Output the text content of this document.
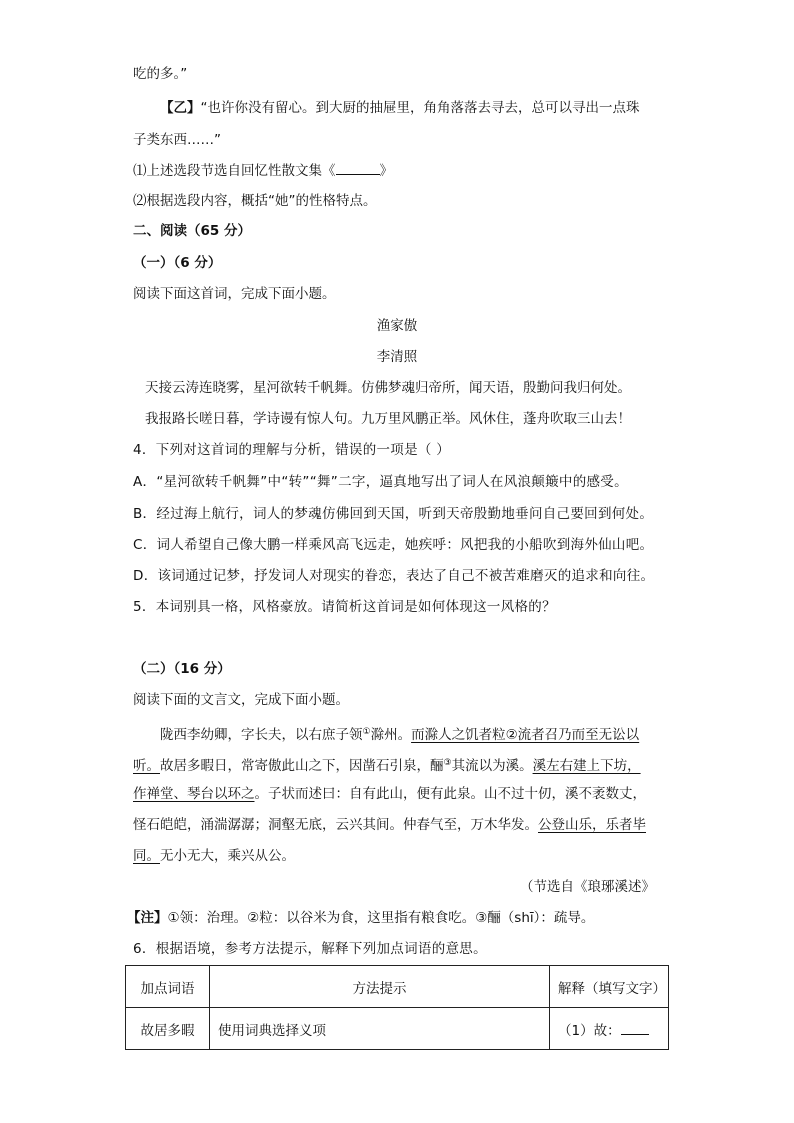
吃的多。”
【乙】“也许你没有留心。到大厨的抽屉里，角角落落去寻去，总可以寻出一点珠
子类东西……”
⑴上述选段节选自回忆性散文集《	》
⑵根据选段内容，概括“她”的性格特点。
二、阅读（65 分）
（一）（6 分）
阅读下面这首词，完成下面小题。
渔家傲
李清照
天接云涛连晓雾，星河欲转千帆舞。仿佛梦魂归帝所，闻天语，殷勤问我归何处。
我报路长嗟日暮，学诗谩有惊人句。九万里风鹏正举。风休住，蓬舟吹取三山去！
4．下列对这首词的理解与分析，错误的一项是（ ）
A．“星河欲转千帆舞”中“转”“舞”二字，逼真地写出了词人在风浪颠簸中的感受。
B．经过海上航行，词人的梦魂仿佛回到天国，听到天帝殷勤地垂问自己要回到何处。
C．词人希望自己像大鹏一样乘风高飞远走，她疾呼：风把我的小船吹到海外仙山吧。
D．该词通过记梦，抒发词人对现实的眷恋，表达了自己不被苦难磨灭的追求和向往。
5．本词别具一格，风格豪放。请简析这首词是如何体现这一风格的？
（二）（16 分）
阅读下面的文言文，完成下面小题。
陇西李幼卿，字长夫，以右庶子领①滁州。而滁人之饥者粒②流者召乃而至无讼以
听。故居多暇日，常寄傲此山之下，因凿石引泉，酾③其流以为溪。溪左右建上下坊，
作禅堂、琴台以环之。子状而述曰：自有此山，便有此泉。山不过十仞，溪不袤数丈，
怪石皑皑，涌湍潺潺；洞壑无底，云兴其间。仲春气至，万木华发。公登山乐，乐者毕
同。无小无大，乘兴从公。
（节选自《琅琊溪述》
【注】①领：治理。②粒：以谷米为食，这里指有粮食吃。③酾（shī）：疏导。
6．根据语境，参考方法提示，解释下列加点词语的意思。
加点词语	方法提示	解释（填写文字）
故居多暇	使用词典选择义项	（1）故：
